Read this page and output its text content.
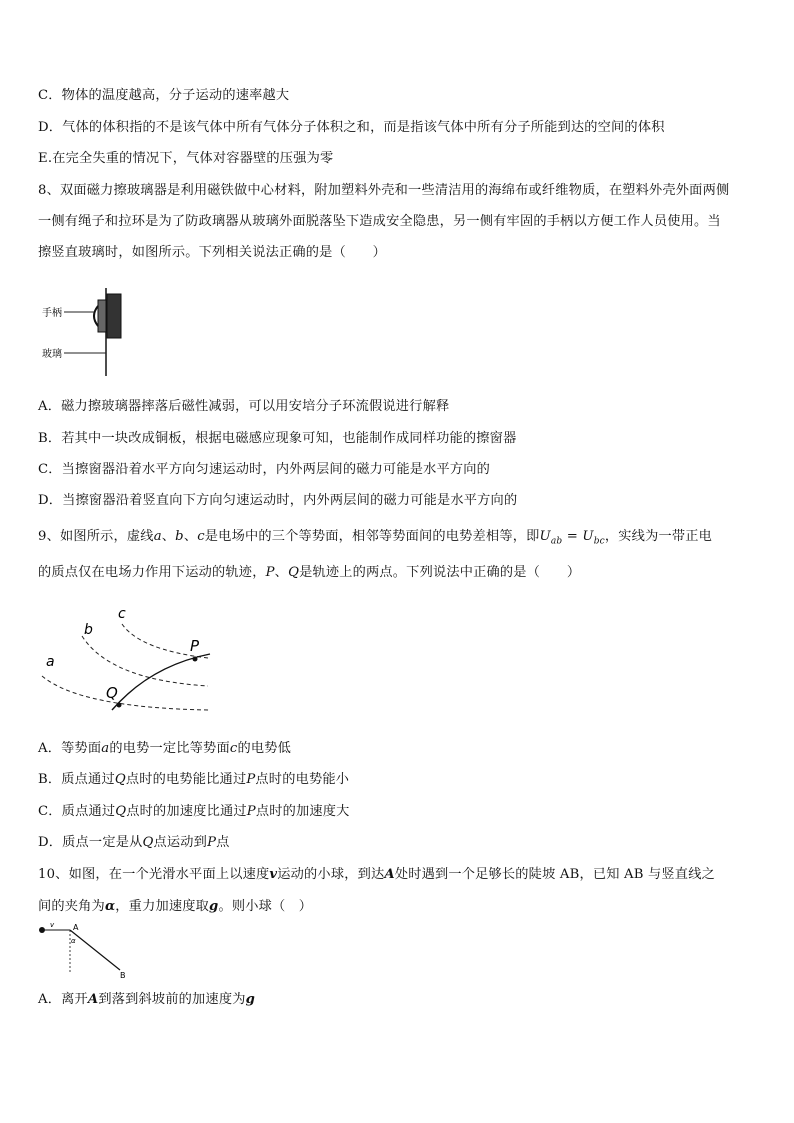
C．物体的温度越高，分子运动的速率越大
D．气体的体积指的不是该气体中所有气体分子体积之和，而是指该气体中所有分子所能到达的空间的体积
E.在完全失重的情况下，气体对容器壁的压强为零
8、双面磁力擦玻璃器是利用磁铁做中心材料，附加塑料外壳和一些清洁用的海绵布或纤维物质，在塑料外壳外面两侧
一侧有绳子和拉环是为了防政璃器从玻璃外面脱落坠下造成安全隐患，另一侧有牢固的手柄以方便工作人员使用。当
擦竖直玻璃时，如图所示。下列相关说法正确的是（　　）
手柄
玻璃
A．磁力擦玻璃器摔落后磁性减弱，可以用安培分子环流假说进行解释
B．若其中一块改成铜板，根据电磁感应现象可知，也能制作成同样功能的擦窗器
C．当擦窗器沿着水平方向匀速运动时，内外两层间的磁力可能是水平方向的
D．当擦窗器沿着竖直向下方向匀速运动时，内外两层间的磁力可能是水平方向的
9、如图所示，虚线a、b、c是电场中的三个等势面，相邻等势面间的电势差相等，即$U_{ab} = U_{bc}$，实线为一带正电
的质点仅在电场力作用下运动的轨迹，P、Q是轨迹上的两点。下列说法中正确的是（　　）
a
b
c
P
Q
A．等势面a的电势一定比等势面c的电势低
B．质点通过Q点时的电势能比通过P点时的电势能小
C．质点通过Q点时的加速度比通过P点时的加速度大
D．质点一定是从Q点运动到P点
10、如图，在一个光滑水平面上以速度v运动的小球，到达A处时遇到一个足够长的陡坡 AB，已知 AB 与竖直线之
间的夹角为α，重力加速度取g。则小球（　）
v A
α
B
A．离开A到落到斜坡前的加速度为g
